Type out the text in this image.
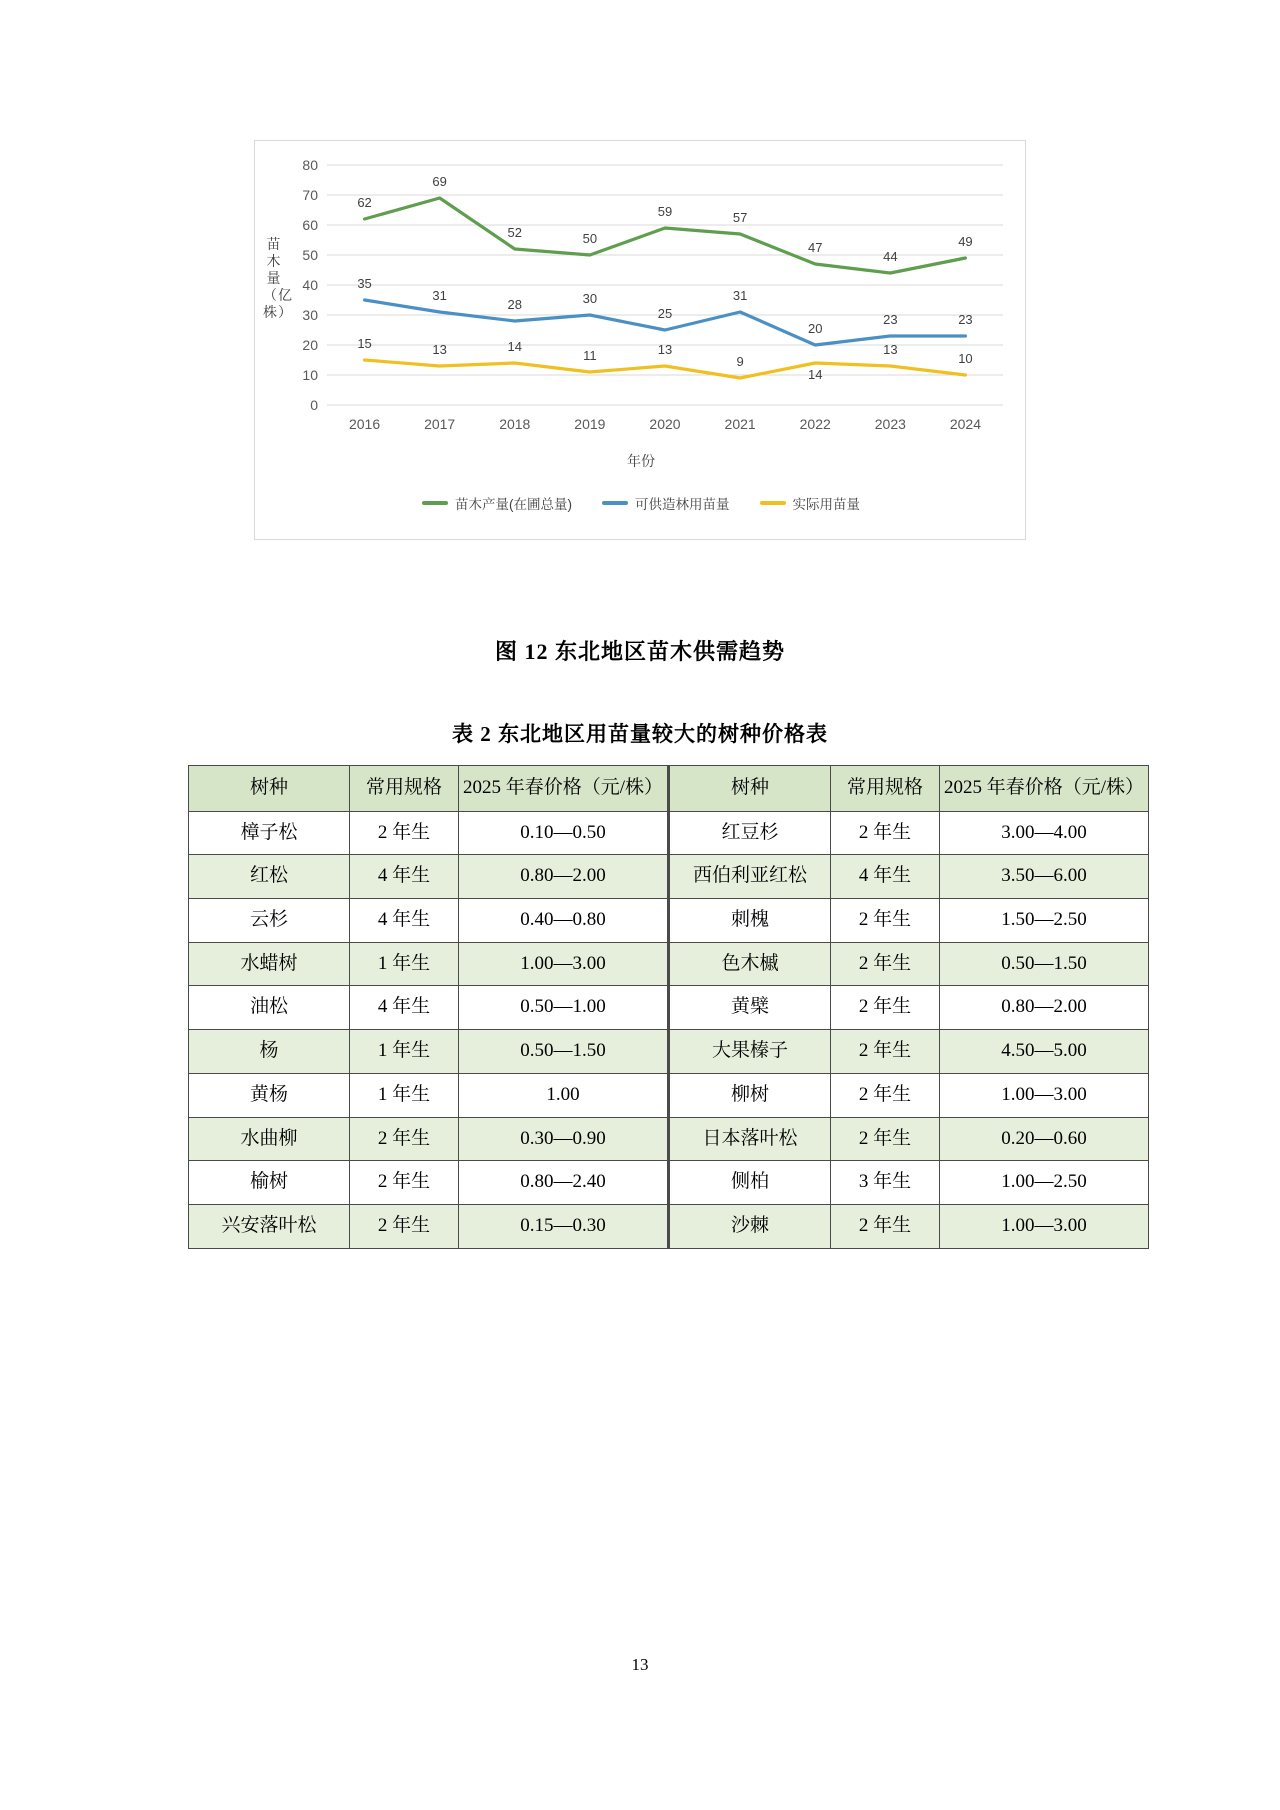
苗木量（亿株）
0
10
20
30
40
50
60
70
80
2016	2017	2018	2019	2020	2021	2022	2023	2024
62
69
52	50
59	57
47
44
49
35
31
28	30
25
31
20
23	23
15	13	14
11	13
9
14
13
10
年份
苗木产量(在圃总量)	可供造林用苗量	实际用苗量
图 12 东北地区苗木供需趋势
表 2 东北地区用苗量较大的树种价格表
树种	常用规格	2025 年春价格（元/株）	树种	常用规格	2025 年春价格（元/株）
樟子松	2 年生	0.10—0.50	红豆杉	2 年生	3.00—4.00
红松	4 年生	0.80—2.00	西伯利亚红松	4 年生	3.50—6.00
云杉	4 年生	0.40—0.80	刺槐	2 年生	1.50—2.50
水蜡树	1 年生	1.00—3.00	色木槭	2 年生	0.50—1.50
油松	4 年生	0.50—1.00	黄檗	2 年生	0.80—2.00
杨	1 年生	0.50—1.50	大果榛子	2 年生	4.50—5.00
黄杨	1 年生	1.00	柳树	2 年生	1.00—3.00
水曲柳	2 年生	0.30—0.90	日本落叶松	2 年生	0.20—0.60
榆树	2 年生	0.80—2.40	侧柏	3 年生	1.00—2.50
兴安落叶松	2 年生	0.15—0.30	沙棘	2 年生	1.00—3.00
13
